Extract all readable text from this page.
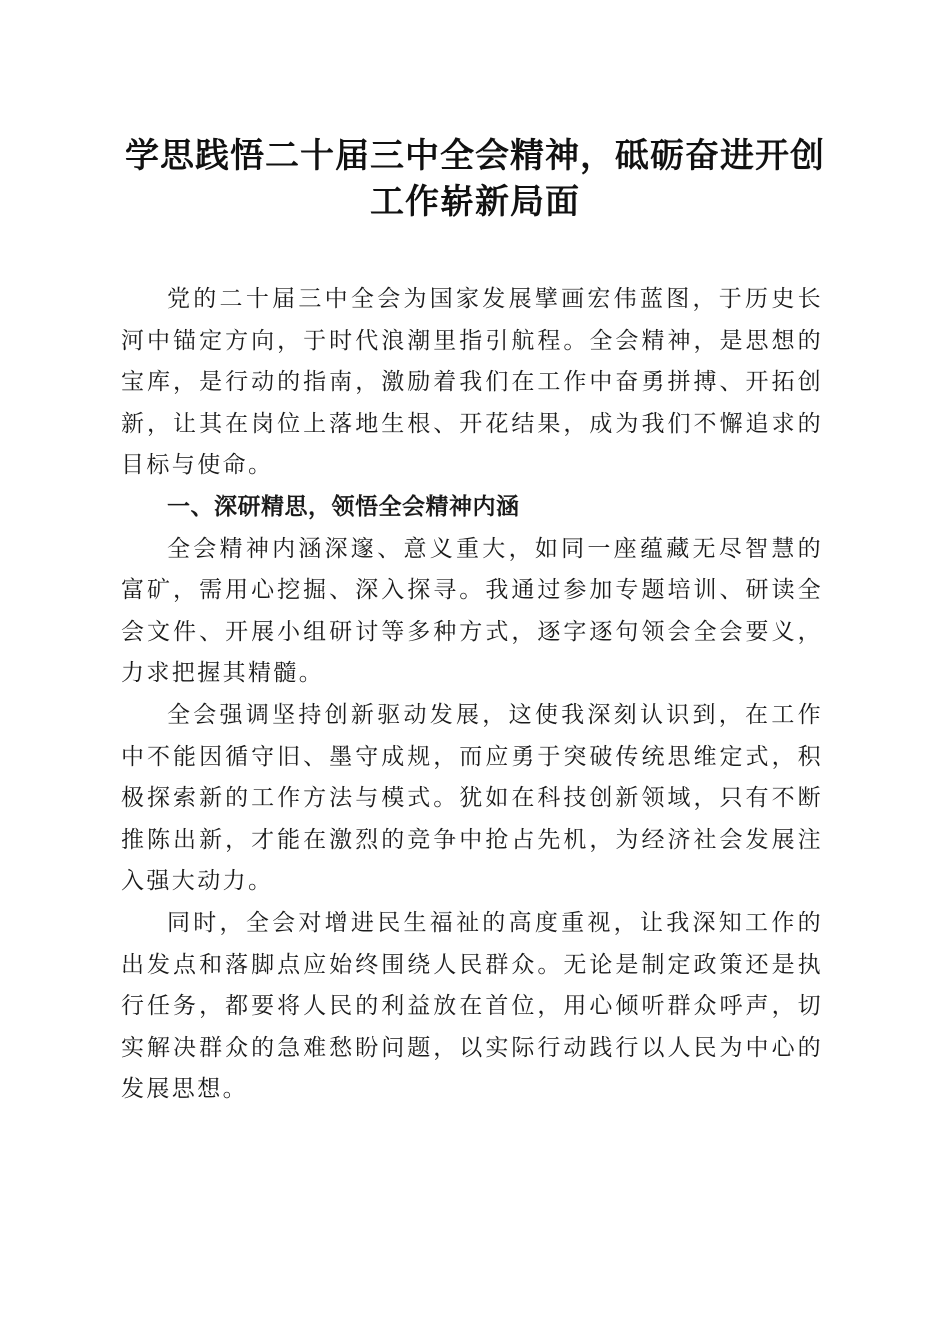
学思践悟二十届三中全会精神，砥砺奋进开创
工作崭新局面

党的二十届三中全会为国家发展擘画宏伟蓝图，于历史长
河中锚定方向，于时代浪潮里指引航程。全会精神，是思想的
宝库，是行动的指南，激励着我们在工作中奋勇拼搏、开拓创
新，让其在岗位上落地生根、开花结果，成为我们不懈追求的
目标与使命。

一、深研精思，领悟全会精神内涵

全会精神内涵深邃、意义重大，如同一座蕴藏无尽智慧的
富矿，需用心挖掘、深入探寻。我通过参加专题培训、研读全
会文件、开展小组研讨等多种方式，逐字逐句领会全会要义，
力求把握其精髓。

全会强调坚持创新驱动发展，这使我深刻认识到，在工作
中不能因循守旧、墨守成规，而应勇于突破传统思维定式，积
极探索新的工作方法与模式。犹如在科技创新领域，只有不断
推陈出新，才能在激烈的竞争中抢占先机，为经济社会发展注
入强大动力。

同时，全会对增进民生福祉的高度重视，让我深知工作的
出发点和落脚点应始终围绕人民群众。无论是制定政策还是执
行任务，都要将人民的利益放在首位，用心倾听群众呼声，切
实解决群众的急难愁盼问题，以实际行动践行以人民为中心的
发展思想。
